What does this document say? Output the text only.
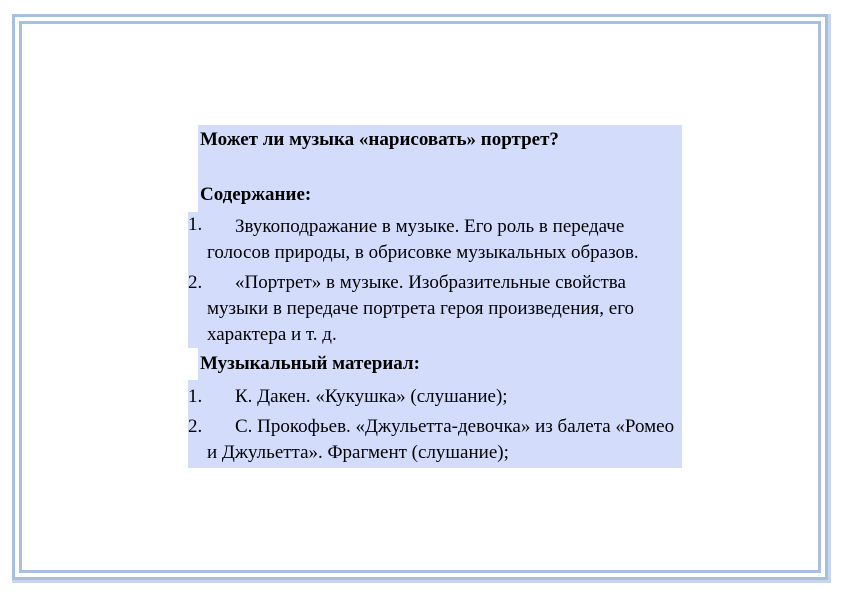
Может ли музыка «нарисовать» портрет?
Содержание:
1.	Звукоподражание в музыке. Его роль в передаче голосов природы, в обрисовке музыкальных образов.
2.	«Портрет» в музыке. Изобразительные свойства музыки в передаче портрета героя произведения, его характера и т. д.
Музыкальный материал:
1.	К. Дакен. «Кукушка» (слушание);
2.	С. Прокофьев. «Джульетта-девочка» из балета «Ромео и Джульетта». Фрагмент (слушание);
